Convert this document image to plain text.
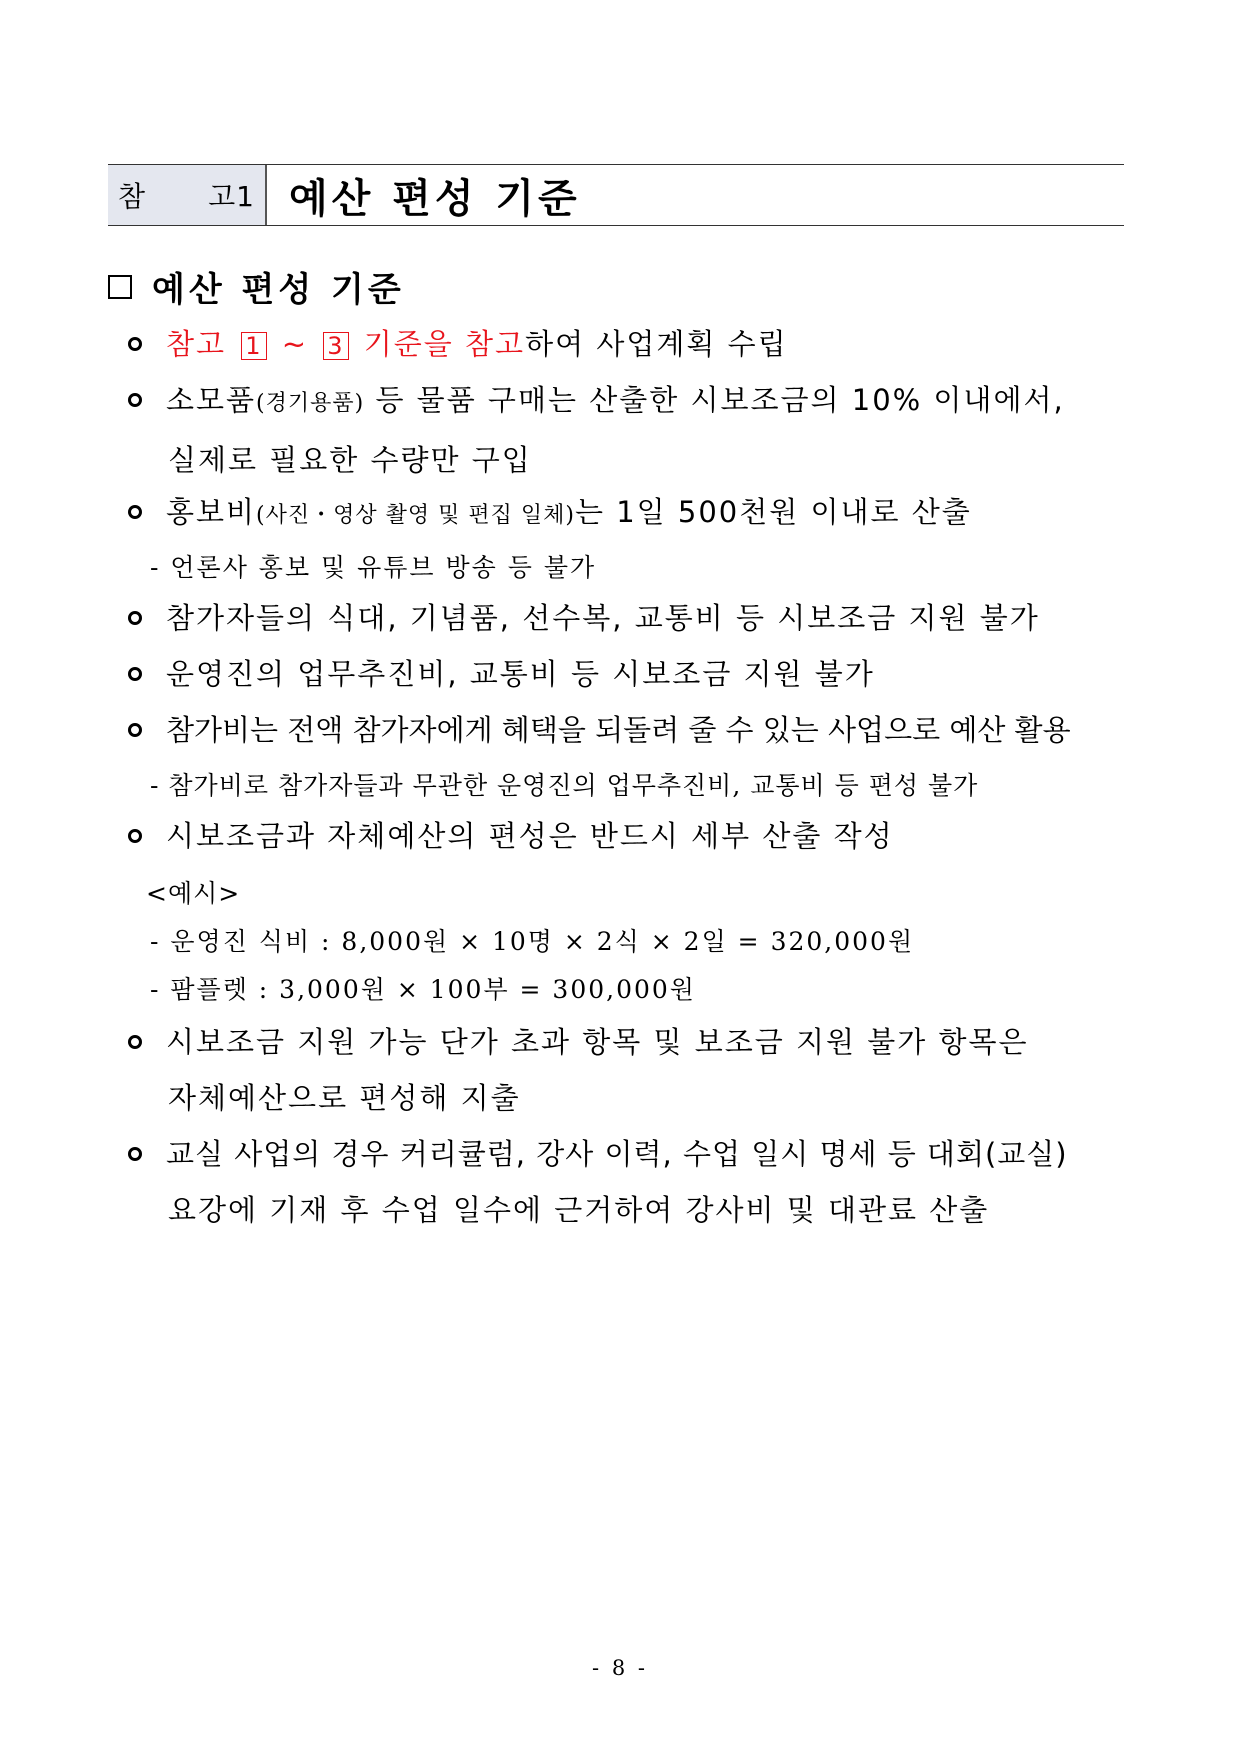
참 고1 예산 편성 기준
예산 편성 기준
참고 1 ~ 3 기준을 참고하여 사업계획 수립
소모품(경기용품) 등 물품 구매는 산출한 시보조금의 10% 이내에서,
실제로 필요한 수량만 구입
홍보비(사진・영상 촬영 및 편집 일체)는 1일 500천원 이내로 산출
- 언론사 홍보 및 유튜브 방송 등 불가
참가자들의 식대, 기념품, 선수복, 교통비 등 시보조금 지원 불가
운영진의 업무추진비, 교통비 등 시보조금 지원 불가
참가비는 전액 참가자에게 혜택을 되돌려 줄 수 있는 사업으로 예산 활용
- 참가비로 참가자들과 무관한 운영진의 업무추진비, 교통비 등 편성 불가
시보조금과 자체예산의 편성은 반드시 세부 산출 작성
<예시>
- 운영진 식비 : 8,000원 × 10명 × 2식 × 2일 = 320,000원
- 팜플렛 : 3,000원 × 100부 = 300,000원
시보조금 지원 가능 단가 초과 항목 및 보조금 지원 불가 항목은
자체예산으로 편성해 지출
교실 사업의 경우 커리큘럼, 강사 이력, 수업 일시 명세 등 대회(교실)
요강에 기재 후 수업 일수에 근거하여 강사비 및 대관료 산출
- 8 -
